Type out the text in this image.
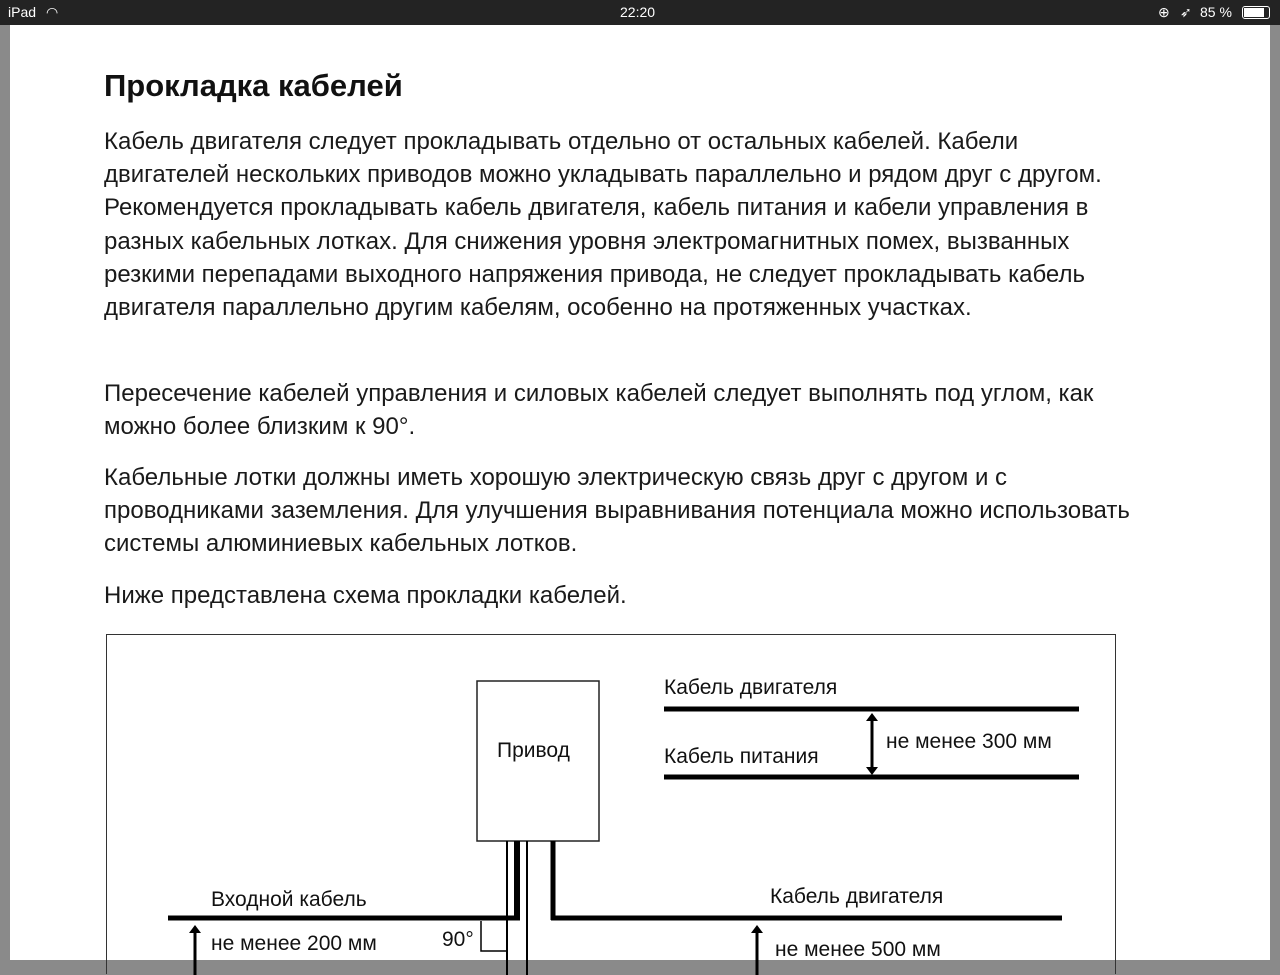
iPad ◠	22:20	⊕ ➶ 85 %
Прокладка кабелей

Кабель двигателя следует прокладывать отдельно от остальных кабелей. Кабели двигателей нескольких приводов можно укладывать параллельно и рядом друг с другом. Рекомендуется прокладывать кабель двигателя, кабель питания и кабели управления в разных кабельных лотках. Для снижения уровня электромагнитных помех, вызванных резкими перепадами выходного напряжения привода, не следует прокладывать кабель двигателя параллельно другим кабелям, особенно на протяженных участках.

Пересечение кабелей управления и силовых кабелей следует выполнять под углом, как можно более близким к 90°.

Кабельные лотки должны иметь хорошую электрическую связь друг с другом и с проводниками заземления. Для улучшения выравнивания потенциала можно использовать системы алюминиевых кабельных лотков.

Ниже представлена схема прокладки кабелей.

Привод
Кабель двигателя
Кабель питания
не менее 300 мм
Входной кабель
не менее 200 мм	90°
Кабель двигателя
не менее 500 мм
